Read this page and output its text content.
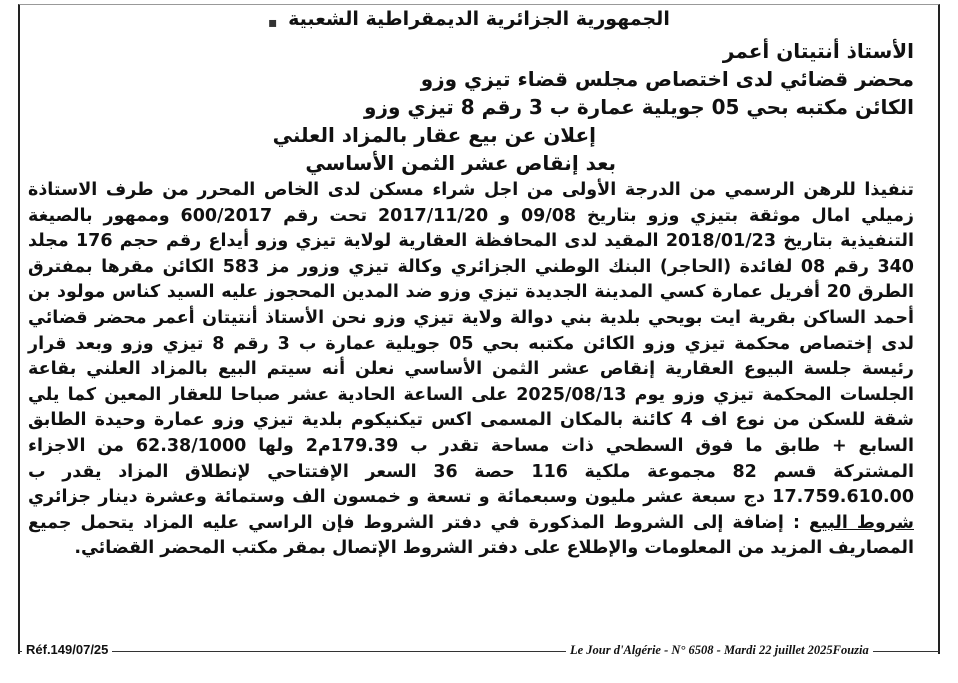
▪ الجمهورية الجزائرية الديمقراطية الشعبية
الأستاذ أنتيتان أعمر
محضر قضائي لدى اختصاص مجلس قضاء تيزي وزو
الكائن مكتبه بحي 05 جويلية عمارة ب 3 رقم 8 تيزي وزو
إعلان عن بيع عقار بالمزاد العلني
بعد إنقاص عشر الثمن الأساسي

تنفيذا للرهن الرسمي من الدرجة الأولى من اجل شراء مسكن لدى الخاص المحرر من طرف الاستاذة زميلي امال موثقة بتيزي وزو بتاريخ 09/08 و 2017/11/20 تحت رقم 600/2017 وممهور بالصيغة التنفيذية بتاريخ 2018/01/23 المقيد لدى المحافظة العقارية لولاية تيزي وزو أيداع رقم حجم 176 مجلد 340 رقم 08 لفائدة (الحاجر) البنك الوطني الجزائري وكالة تيزي وزور مز 583 الكائن مقرها بمفترق الطرق 20 أفريل عمارة كسي المدينة الجديدة تيزي وزو ضد المدين المحجوز عليه السيد كناس مولود بن أحمد الساكن بقرية ايت بويحي بلدية بني دوالة ولاية تيزي وزو نحن الأستاذ أنتيتان أعمر محضر قضائي لدى إختصاص محكمة تيزي وزو الكائن مكتبه بحي 05 جويلية عمارة ب 3 رقم 8 تيزي وزو وبعد قرار رئيسة جلسة البيوع العقارية إنقاص عشر الثمن الأساسي نعلن أنه سيتم البيع بالمزاد العلني بقاعة الجلسات المحكمة تيزي وزو يوم 2025/08/13 على الساعة الحادية عشر صباحا للعقار المعين كما يلي شقة للسكن من نوع اف 4 كائنة بالمكان المسمى اكس تيكنيكوم بلدية تيزي وزو عمارة وحيدة الطابق السابع + طابق ما فوق السطحي ذات مساحة تقدر ب 179.39م2 ولها 62.38/1000 من الاجزاء المشتركة قسم 82 مجموعة ملكية 116 حصة 36 السعر الإفتتاحي لإنطلاق المزاد يقدر ب 17.759.610.00 دج سبعة عشر مليون وسبعمائة و تسعة و خمسون الف وستمائة وعشرة دينار جزائري شروط البيع : إضافة إلى الشروط المذكورة في دفتر الشروط فإن الراسي عليه المزاد يتحمل جميع المصاريف المزيد من المعلومات والإطلاع على دفتر الشروط الإتصال بمقر مكتب المحضر القضائي.

Réf.149/07/25	Le Jour d'Algérie - N° 6508 - Mardi 22 juillet 2025Fouzia
